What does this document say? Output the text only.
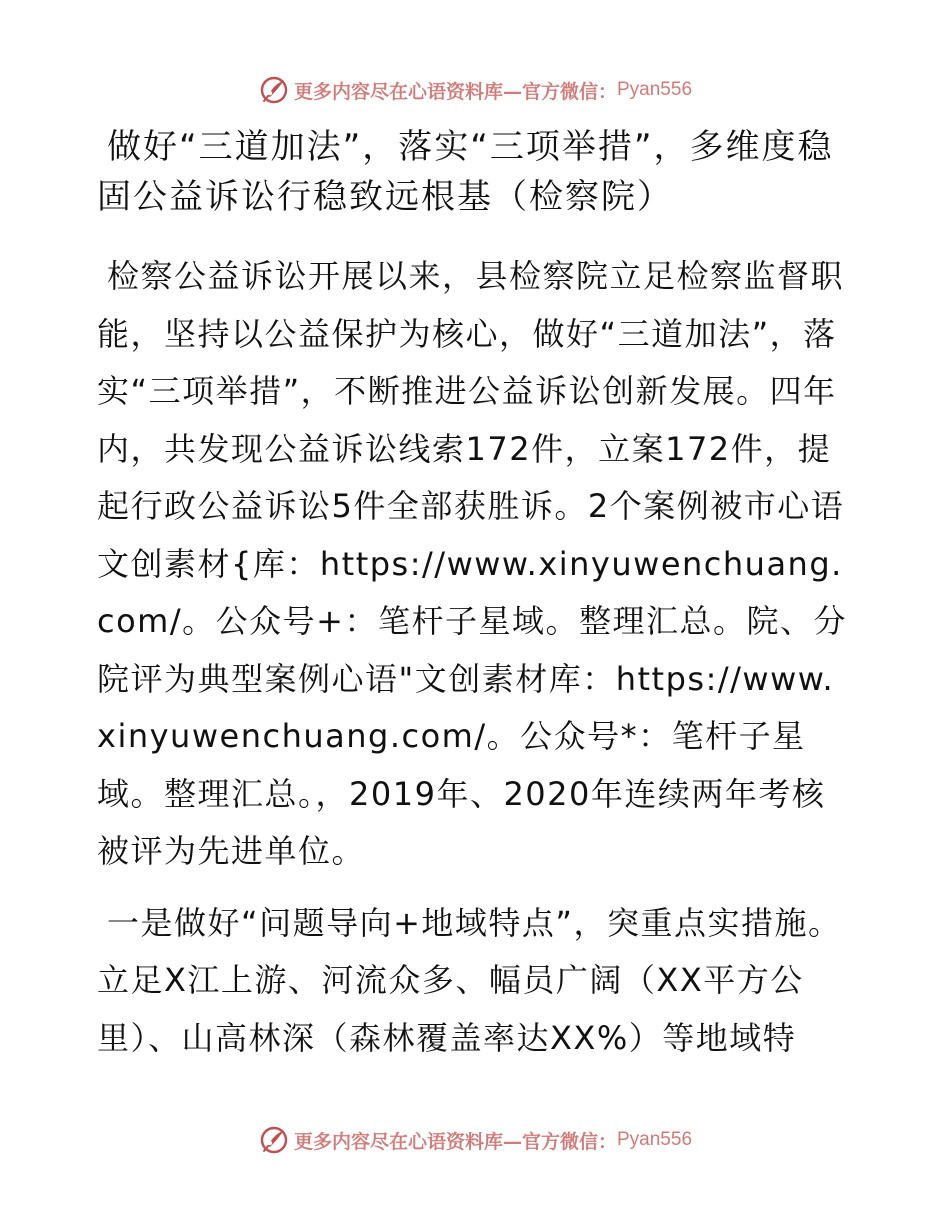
更多内容尽在心语资料库—官方微信： Pyan556
做好“三道加法”，落实“三项举措”，多维度稳固公益诉讼行稳致远根基（检察院）

检察公益诉讼开展以来，县检察院立足检察监督职能，坚持以公益保护为核心，做好“三道加法”，落实“三项举措”，不断推进公益诉讼创新发展。四年内，共发现公益诉讼线索172件，立案172件，提起行政公益诉讼5件全部获胜诉。2个案例被市心语文创素材{库：https://www.xinyuwenchuang.com/。公众号+：笔杆子星域。整理汇总。院、分院评为典型案例心语"文创素材库：https://www.xinyuwenchuang.com/。公众号*：笔杆子星域。整理汇总。，2019年、2020年连续两年考核被评为先进单位。

一是做好“问题导向+地域特点”，突重点实措施。立足X江上游、河流众多、幅员广阔（XX平方公里）、山高林深（森林覆盖率达XX%）等地域特

更多内容尽在心语资料库—官方微信： Pyan556
